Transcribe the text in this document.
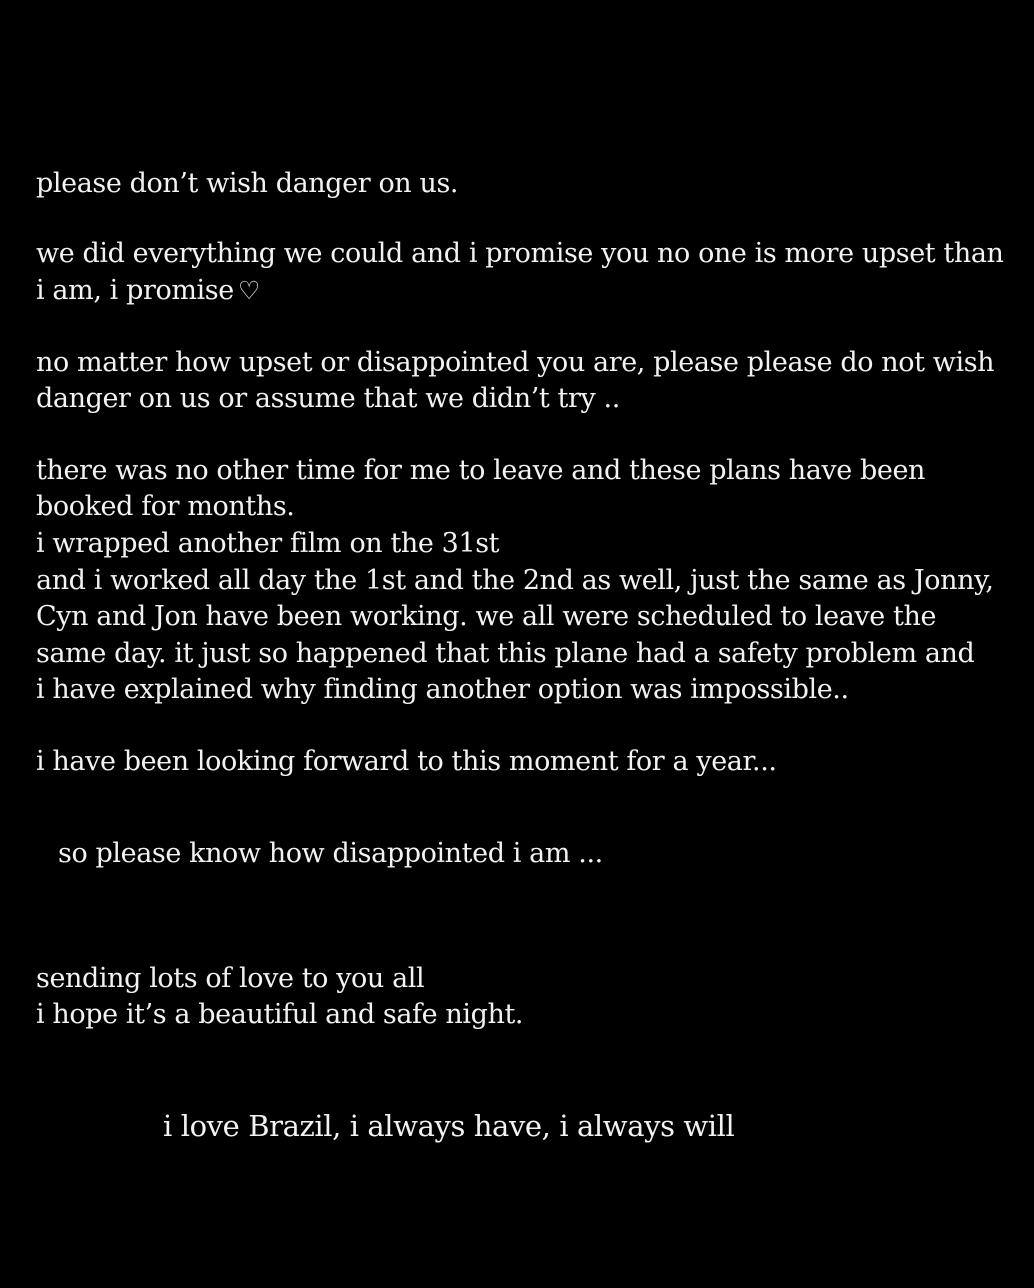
please don’t wish danger on us.
we did everything we could and i promise you no one is more upset than
i am, i promise ♡
no matter how upset or disappointed you are, please please do not wish
danger on us or assume that we didn’t try ..
there was no other time for me to leave and these plans have been
booked for months.
i wrapped another film on the 31st
and i worked all day the 1st and the 2nd as well, just the same as Jonny,
Cyn and Jon have been working. we all were scheduled to leave the
same day. it just so happened that this plane had a safety problem and
i have explained why finding another option was impossible..
i have been looking forward to this moment for a year...
so please know how disappointed i am ...
sending lots of love to you all
i hope it’s a beautiful and safe night.
i love Brazil, i always have, i always will
